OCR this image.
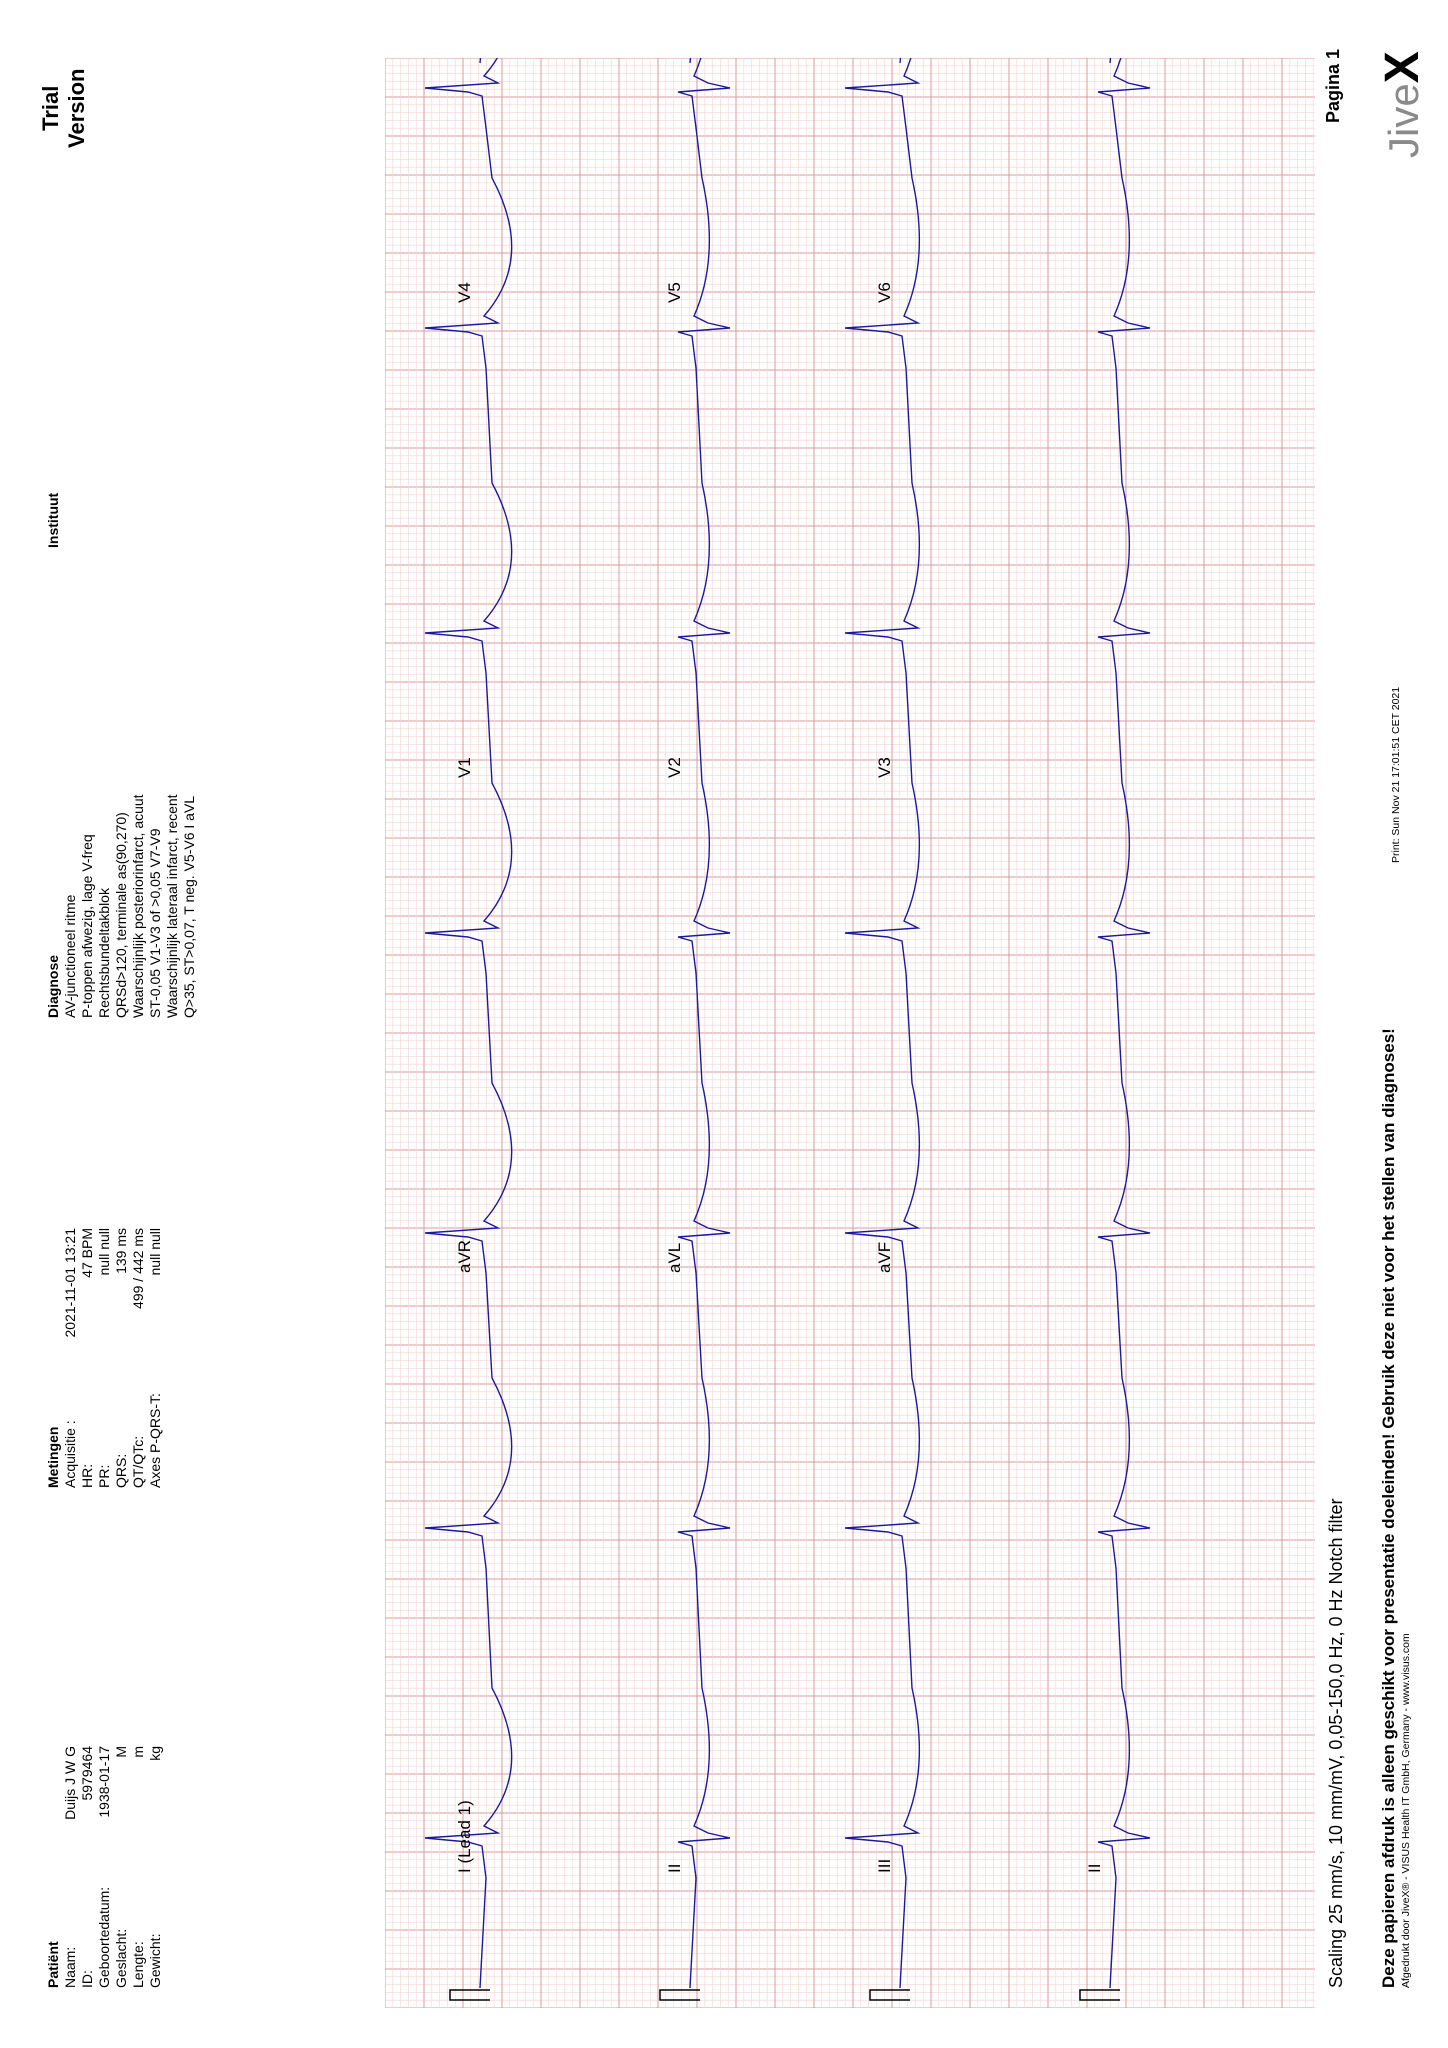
Patiënt Naam:
Duijs J W G
ID:
5979464
Geboortedatum:
1938-01-17
Geslacht:
M
Lengte:
m
Gewicht:
kg
Metingen Acquisitie :
2021-11-01 13:21
HR:
47 BPM
PR:
null null
QRS:
139 ms
QT/QTc:
499 / 442 ms
Axes P-QRS-T:
null null
Diagnose AV-junctioneel ritme P-toppen afwezig, lage V-freq Rechtsbundeltakblok QRSd>120, terminale as(90,270) Waarschijnlijk posteriorinfarct, acuut ST-0,05 V1-V3 of >0,05 V7-V9 Waarschijnlijk lateraal infarct, recent Q>35, ST>0,07, T neg. V5-V6 I aVL
Instituut
Trial Version
I (Lead 1)
aVR
V1
V4
II
aVL
V2
V5
III
aVF
V3
V6
II	Scaling 25 mm/s, 10 mm/mV, 0,05-150,0 Hz, 0 Hz Notch filter
Pagina 1
Deze papieren afdruk is alleen geschikt voor presentatie doeleinden! Gebruik deze niet voor het stellen van diagnoses! Afgedrukt door JiveX® - VISUS Health IT GmbH, Germany - www.visus.com
Print: Sun Nov 21 17:01:51 CET 2021
JiveX
